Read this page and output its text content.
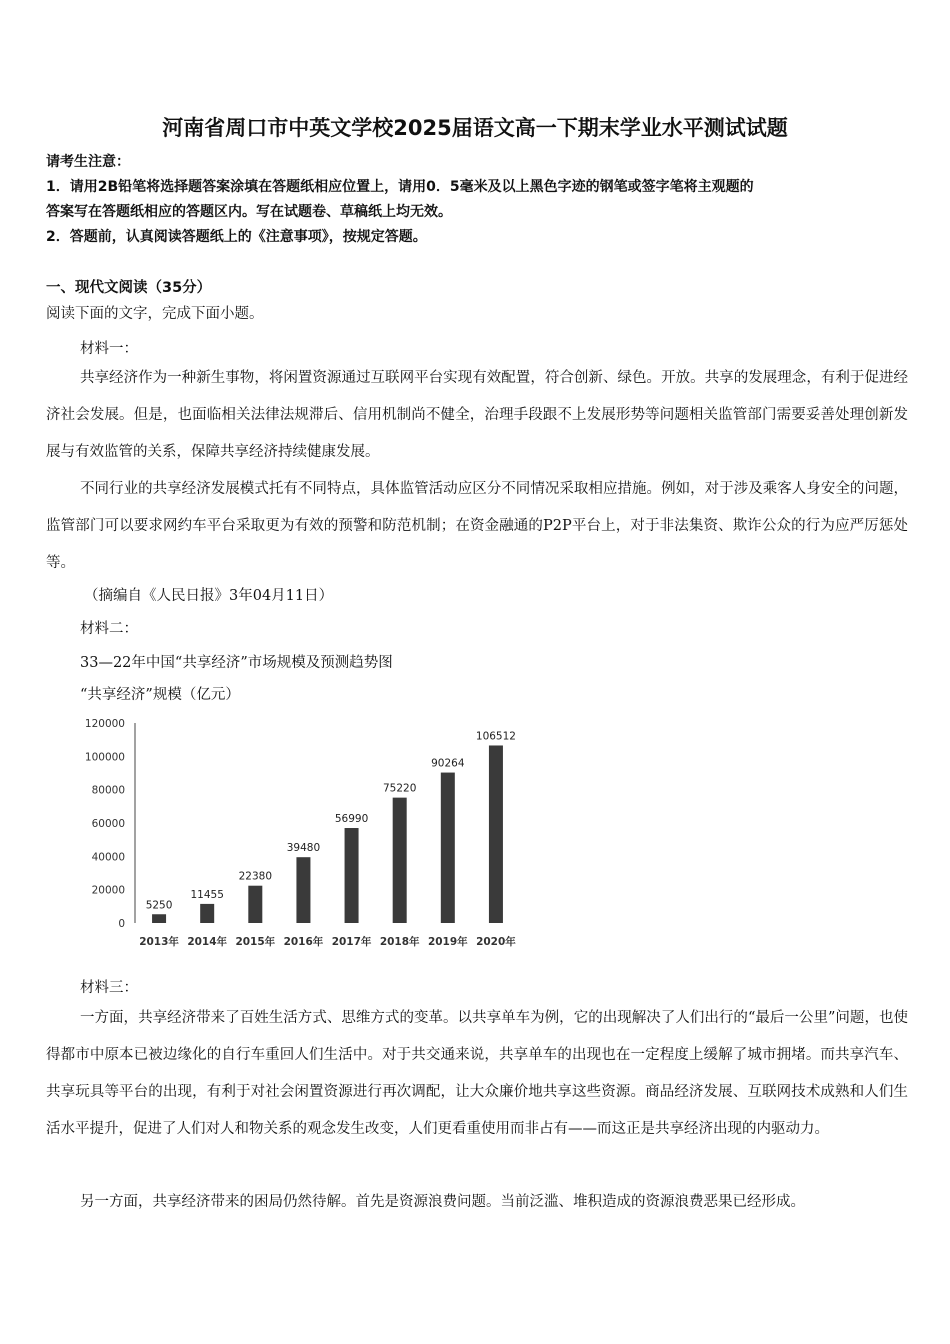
河南省周口市中英文学校2025届语文高一下期末学业水平测试试题
请考生注意：
1．请用2B铅笔将选择题答案涂填在答题纸相应位置上，请用0．5毫米及以上黑色字迹的钢笔或签字笔将主观题的
答案写在答题纸相应的答题区内。写在试题卷、草稿纸上均无效。
2．答题前，认真阅读答题纸上的《注意事项》，按规定答题。
一、现代文阅读（35分）
阅读下面的文字，完成下面小题。
材料一：
共享经济作为一种新生事物，将闲置资源通过互联网平台实现有效配置，符合创新、绿色。开放。共享的发展理念，有利于促进经济社会发展。但是，也面临相关法律法规滞后、信用机制尚不健全，治理手段跟不上发展形势等问题相关监管部门需要妥善处理创新发展与有效监管的关系，保障共享经济持续健康发展。
不同行业的共享经济发展模式托有不同特点，具体监管活动应区分不同情况采取相应措施。例如，对于涉及乘客人身安全的问题，监管部门可以要求网约车平台采取更为有效的预警和防范机制；在资金融通的P2P平台上，对于非法集资、欺诈公众的行为应严厉惩处等。
（摘编自《人民日报》3年04月11日）
材料二：
33—22年中国“共享经济”市场规模及预测趋势图
“共享经济”规模（亿元）
0
20000
40000
60000
80000
100000
120000
5250
2013年
11455
2014年
22380
2015年
39480
2016年
56990
2017年
75220
2018年
90264
2019年
106512
2020年
材料三：
一方面，共享经济带来了百姓生活方式、思维方式的变革。以共享单车为例，它的出现解决了人们出行的“最后一公里”问题，也使得都市中原本已被边缘化的自行车重回人们生活中。对于共交通来说，共享单车的出现也在一定程度上缓解了城市拥堵。而共享汽车、共享玩具等平台的出现，有利于对社会闲置资源进行再次调配，让大众廉价地共享这些资源。商品经济发展、互联网技术成熟和人们生活水平提升，促进了人们对人和物关系的观念发生改变，人们更看重使用而非占有——而这正是共享经济出现的内驱动力。
另一方面，共享经济带来的困局仍然待解。首先是资源浪费问题。当前泛滥、堆积造成的资源浪费恶果已经形成。
